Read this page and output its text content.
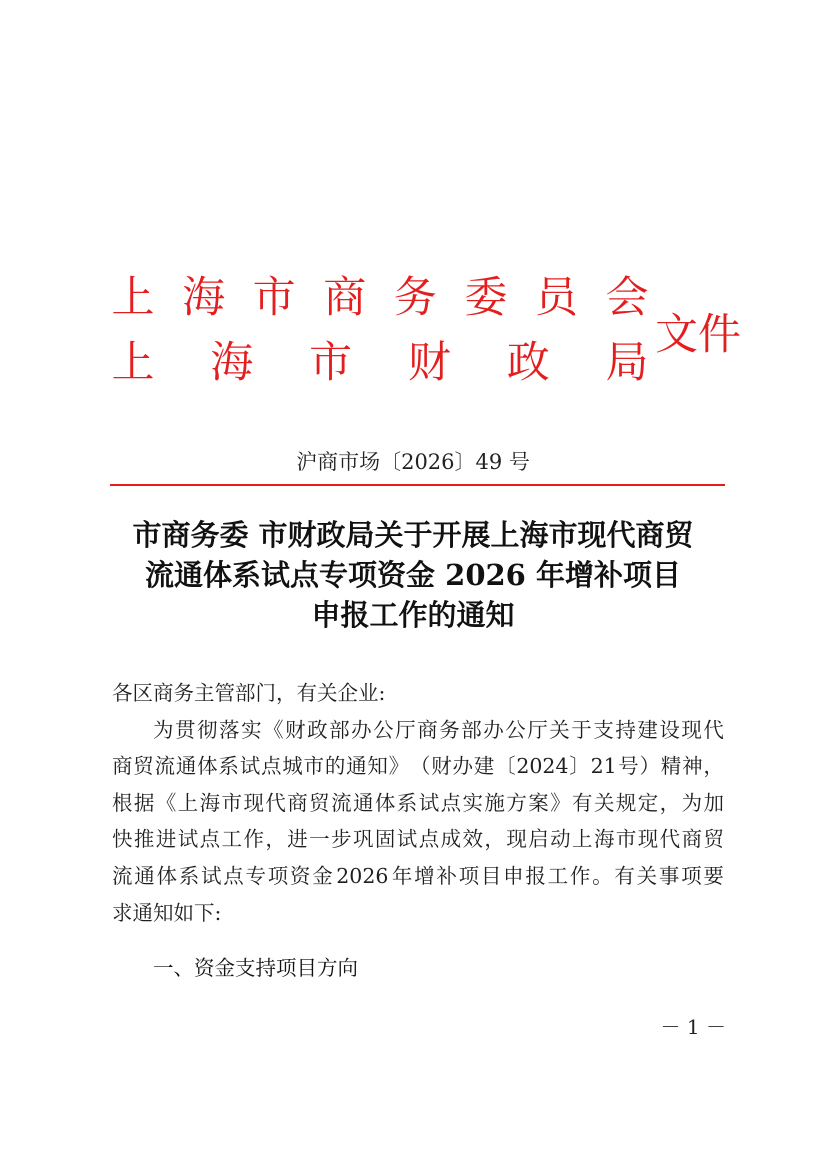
上 海 市 商 务 委 员 会
上 海 市 财 政 局
文件
沪商市场〔2026〕49 号
市商务委 市财政局关于开展上海市现代商贸
流通体系试点专项资金 2026 年增补项目
申报工作的通知
各区商务主管部门，有关企业:
为 贯 彻 落 实 《 财 政 部 办 公 厅 商 务 部 办 公 厅 关 于 支 持 建 设 现 代
商 贸 流 通 体 系 试 点 城 市 的 通 知 》 （ 财 办 建 〔 2024 〕 21 号 ） 精 神 ，
根 据 《 上 海 市 现 代 商 贸 流 通 体 系 试 点 实 施 方 案 》 有 关 规 定 ， 为 加
快 推 进 试 点 工 作 ， 进 一 步 巩 固 试 点 成 效 ， 现 启 动 上 海 市 现 代 商 贸
流 通 体 系 试 点 专 项 资 金 2026 年 增 补 项 目 申 报 工 作 。 有 关 事 项 要
求通知如下:
一、资金支持项目方向
－ 1 －
